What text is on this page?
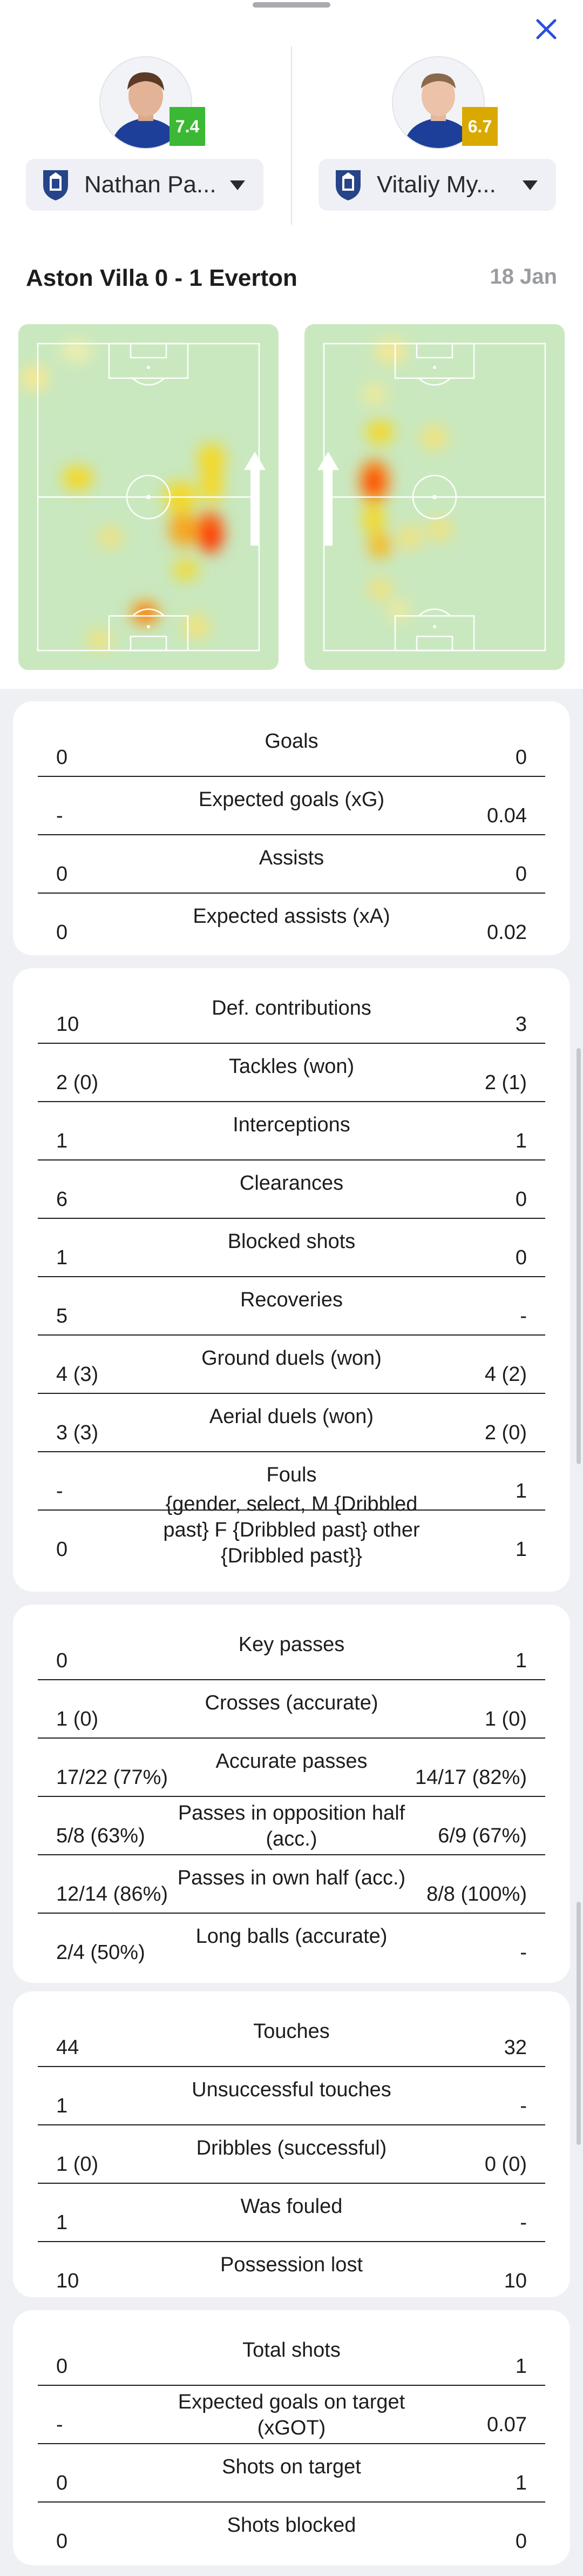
7.4
Nathan Pa...
6.7
Vitaliy My...
Aston Villa 0 - 1 Everton	18 Jan
Goals
0	0
Expected goals (xG)
-	0.04
Assists
0	0
Expected assists (xA)
0	0.02
Def. contributions
10	3
Tackles (won)
2 (0)	2 (1)
Interceptions
1	1
Clearances
6	0
Blocked shots
1	0
Recoveries
5	-
Ground duels (won)
4 (3)	4 (2)
Aerial duels (won)
3 (3)	2 (0)
Fouls
-	1
{gender, select, M {Dribbled past} F {Dribbled past} other {Dribbled past}}
0	1
Key passes
0	1
Crosses (accurate)
1 (0)	1 (0)
Accurate passes
17/22 (77%)	14/17 (82%)
Passes in opposition half (acc.)
5/8 (63%)	6/9 (67%)
Passes in own half (acc.)
12/14 (86%)	8/8 (100%)
Long balls (accurate)
2/4 (50%)	-
Touches
44	32
Unsuccessful touches
1	-
Dribbles (successful)
1 (0)	0 (0)
Was fouled
1	-
Possession lost
10	10
Total shots
0	1
Expected goals on target (xGOT)
-	0.07
Shots on target
0	1
Shots blocked
0	0
